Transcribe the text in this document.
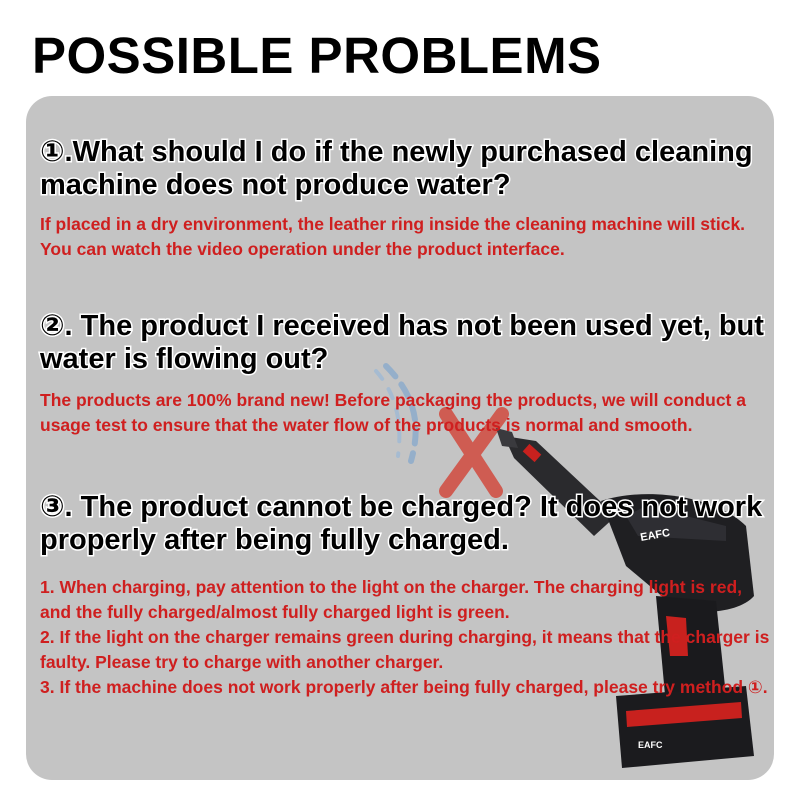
POSSIBLE PROBLEMS
EAFC
EAFC

①.What should I do if the newly purchased cleaning machine does not produce water?

If placed in a dry environment, the leather ring inside the cleaning machine will stick. You can watch the video operation under the product interface.

②. The product I received has not been used yet, but water is flowing out?

The products are 100% brand new! Before packaging the products, we will conduct a usage test to ensure that the water flow of the products is normal and smooth.

③. The product cannot be charged? It does not work properly after being fully charged.

1. When charging, pay attention to the light on the charger. The charging light is red, and the fully charged/almost fully charged light is green.
2. If the light on the charger remains green during charging, it means that the charger is faulty. Please try to charge with another charger.
3. If the machine does not work properly after being fully charged, please try method ①.
